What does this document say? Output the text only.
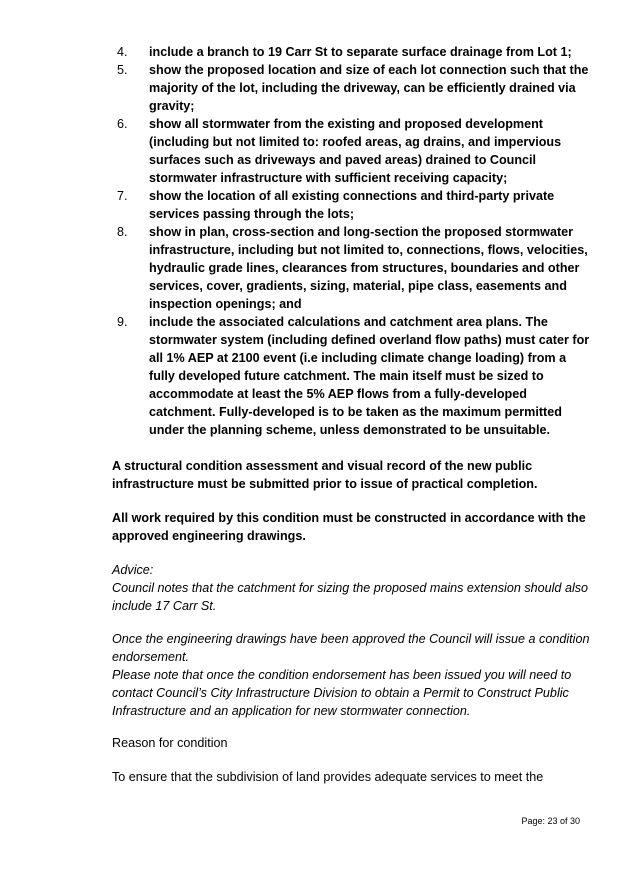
4. include a branch to 19 Carr St to separate surface drainage from Lot 1;
5. show the proposed location and size of each lot connection such that the majority of the lot, including the driveway, can be efficiently drained via gravity;
6. show all stormwater from the existing and proposed development (including but not limited to: roofed areas, ag drains, and impervious surfaces such as driveways and paved areas) drained to Council stormwater infrastructure with sufficient receiving capacity;
7. show the location of all existing connections and third-party private services passing through the lots;
8. show in plan, cross-section and long-section the proposed stormwater infrastructure, including but not limited to, connections, flows, velocities, hydraulic grade lines, clearances from structures, boundaries and other services, cover, gradients, sizing, material, pipe class, easements and inspection openings; and
9. include the associated calculations and catchment area plans. The stormwater system (including defined overland flow paths) must cater for all 1% AEP at 2100 event (i.e including climate change loading) from a fully developed future catchment. The main itself must be sized to accommodate at least the 5% AEP flows from a fully-developed catchment. Fully-developed is to be taken as the maximum permitted under the planning scheme, unless demonstrated to be unsuitable.

A structural condition assessment and visual record of the new public infrastructure must be submitted prior to issue of practical completion.

All work required by this condition must be constructed in accordance with the approved engineering drawings.

Advice:

Council notes that the catchment for sizing the proposed mains extension should also include 17 Carr St.

Once the engineering drawings have been approved the Council will issue a condition endorsement.

Please note that once the condition endorsement has been issued you will need to contact Council’s City Infrastructure Division to obtain a Permit to Construct Public Infrastructure and an application for new stormwater connection.

Reason for condition

To ensure that the subdivision of land provides adequate services to meet the

Page: 23 of 30
